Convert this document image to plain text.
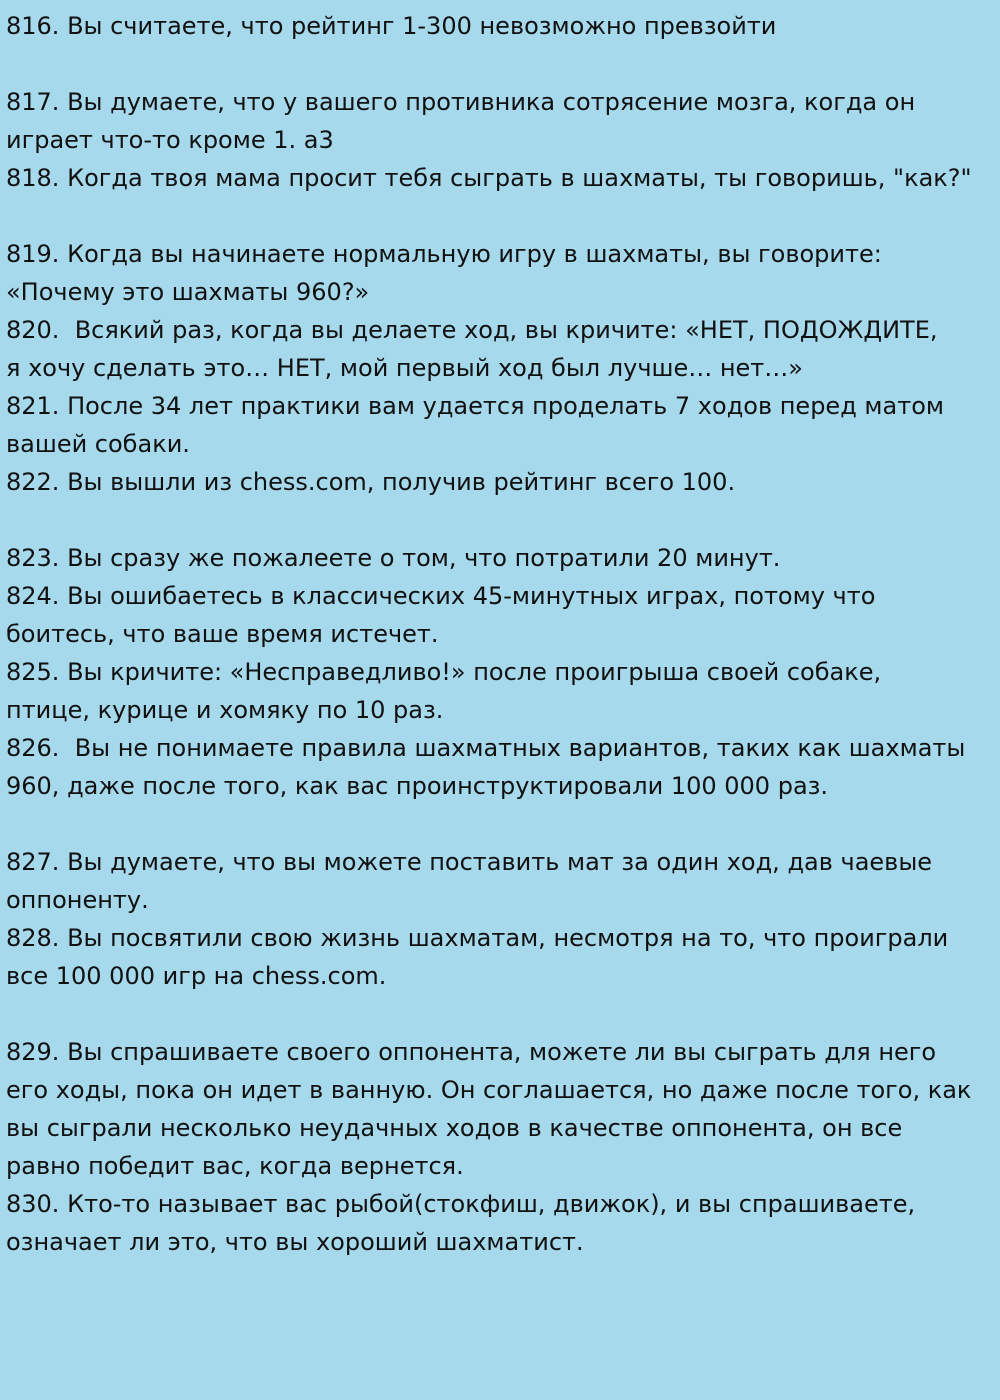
816. Вы считаете, что рейтинг 1-300 невозможно превзойти
817. Вы думаете, что у вашего противника сотрясение мозга, когда он
играет что-то кроме 1. а3
818. Когда твоя мама просит тебя сыграть в шахматы, ты говоришь, "как?"
819. Когда вы начинаете нормальную игру в шахматы, вы говорите:
«Почему это шахматы 960?»
820.  Всякий раз, когда вы делаете ход, вы кричите: «НЕТ, ПОДОЖДИТЕ,
я хочу сделать это… НЕТ, мой первый ход был лучше… нет…»
821. После 34 лет практики вам удается проделать 7 ходов перед матом
вашей собаки.
822. Вы вышли из chess.com, получив рейтинг всего 100.
823. Вы сразу же пожалеете о том, что потратили 20 минут.
824. Вы ошибаетесь в классических 45-минутных играх, потому что
боитесь, что ваше время истечет.
825. Вы кричите: «Несправедливо!» после проигрыша своей собаке,
птице, курице и хомяку по 10 раз.
826.  Вы не понимаете правила шахматных вариантов, таких как шахматы
960, даже после того, как вас проинструктировали 100 000 раз.
827. Вы думаете, что вы можете поставить мат за один ход, дав чаевые
оппоненту.
828. Вы посвятили свою жизнь шахматам, несмотря на то, что проиграли
все 100 000 игр на chess.com.
829. Вы спрашиваете своего оппонента, можете ли вы сыграть для него
его ходы, пока он идет в ванную. Он соглашается, но даже после того, как
вы сыграли несколько неудачных ходов в качестве оппонента, он все
равно победит вас, когда вернется.
830. Кто-то называет вас рыбой(стокфиш, движок), и вы спрашиваете,
означает ли это, что вы хороший шахматист.
